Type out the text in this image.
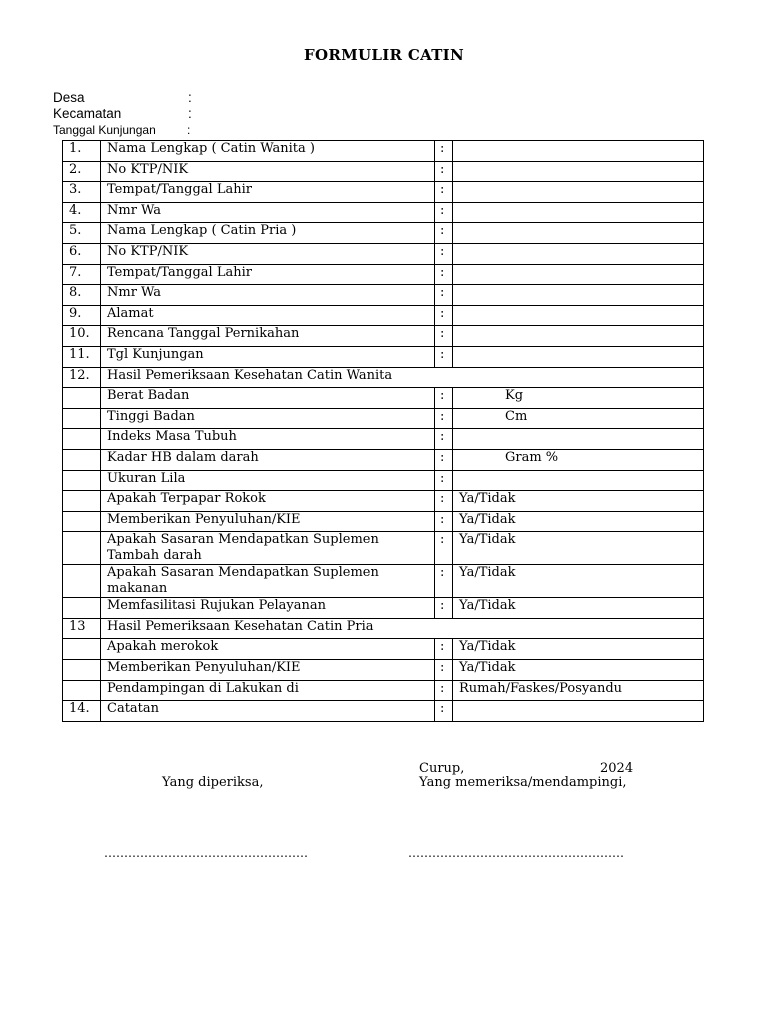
FORMULIR CATIN
Desa	:
Kecamatan	:
Tanggal Kunjungan	:
1.	Nama Lengkap ( Catin Wanita )	:	
2.	No KTP/NIK	:	
3.	Tempat/Tanggal Lahir	:	
4.	Nmr Wa	:	
5.	Nama Lengkap ( Catin Pria )	:	
6.	No KTP/NIK	:	
7.	Tempat/Tanggal Lahir	:	
8.	Nmr Wa	:	
9.	Alamat	:	
10.	Rencana Tanggal Pernikahan	:	
11.	Tgl Kunjungan	:	
12.	Hasil Pemeriksaan Kesehatan Catin Wanita		
	Berat Badan	:	Kg
	Tinggi Badan	:	Cm
	Indeks Masa Tubuh	:	
	Kadar HB dalam darah	:	Gram %
	Ukuran Lila	:	
	Apakah Terpapar Rokok	:	Ya/Tidak
	Memberikan Penyuluhan/KIE	:	Ya/Tidak
	Apakah Sasaran Mendapatkan Suplemen Tambah darah	:	Ya/Tidak
	Apakah Sasaran Mendapatkan Suplemen makanan	:	Ya/Tidak
	Memfasilitasi Rujukan Pelayanan	:	Ya/Tidak
13	Hasil Pemeriksaan Kesehatan Catin Pria		
	Apakah merokok	:	Ya/Tidak
	Memberikan Penyuluhan/KIE	:	Ya/Tidak
	Pendampingan di Lakukan di	:	Rumah/Faskes/Posyandu
14.	Catatan	:	
Curup,	2024
Yang diperiksa,	Yang memeriksa/mendampingi,
……………………………………………	………………………………………………
